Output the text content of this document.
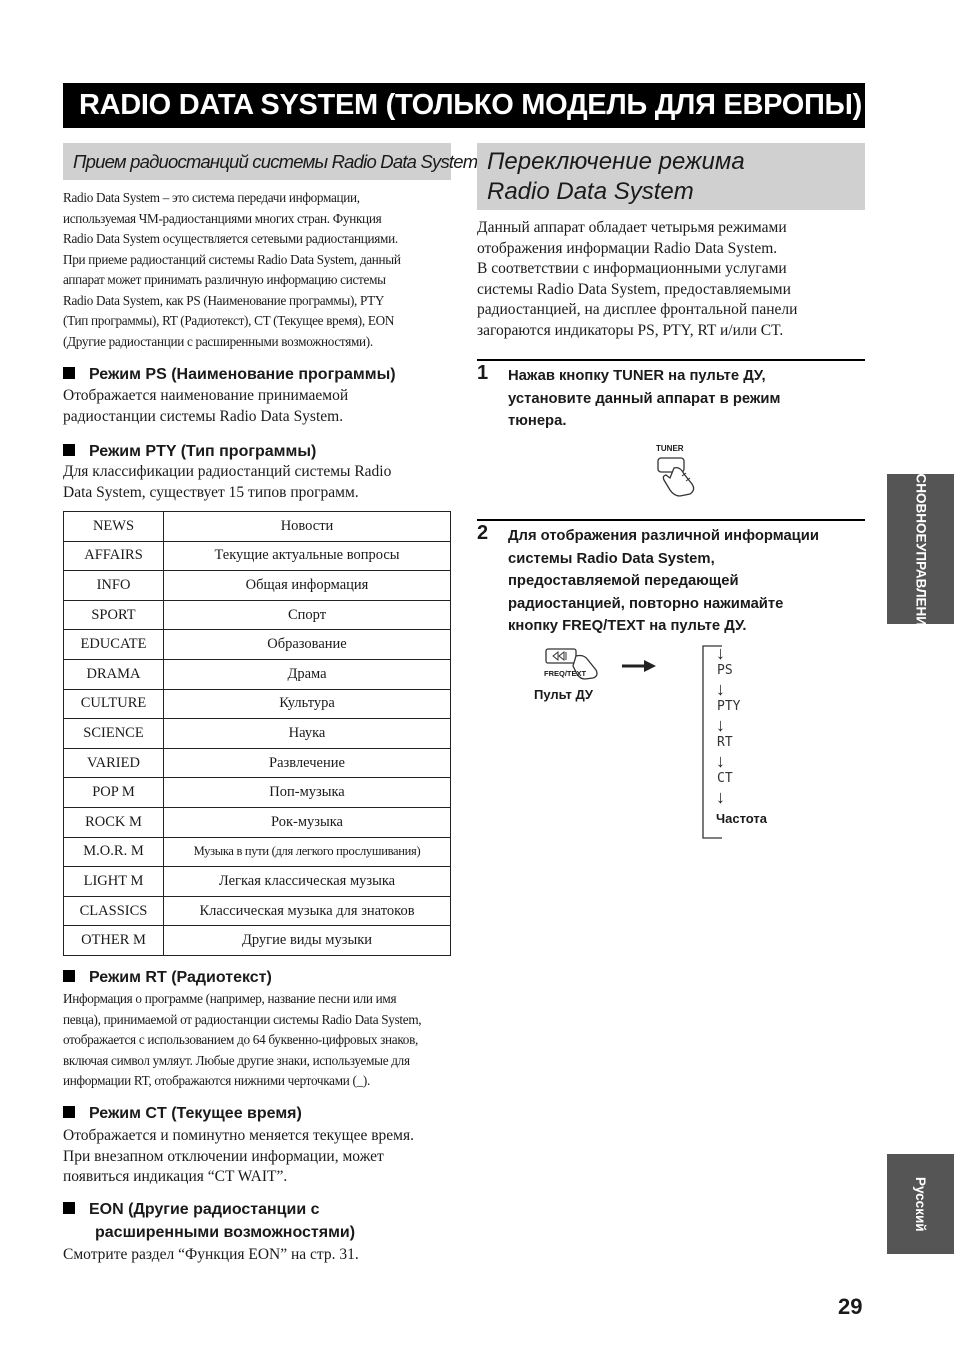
RADIO DATA SYSTEM (ТОЛЬКО МОДЕЛЬ ДЛЯ ЕВРОПЫ)
Прием радиостанций системы Radio Data System
Radio Data System – это система передачи информации,
используемая ЧМ-радиостанциями многих стран. Функция
Radio Data System осуществляется сетевыми радиостанциями.
При приеме радиостанций системы Radio Data System, данный
аппарат может принимать различную информацию системы
Radio Data System, как PS (Наименование программы), PTY
(Тип программы), RT (Радиотекст), CT (Текущее время), EON
(Другие радиостанции с расширенными возможностями).
Режим PS (Наименование программы)
Отображается наименование принимаемой
радиостанции системы Radio Data System.
Режим PTY (Тип программы)
Для классификации радиостанций системы Radio
Data System, существует 15 типов программ.
NEWS	Новости
AFFAIRS	Текущие актуальные вопросы
INFO	Общая информация
SPORT	Спорт
EDUCATE	Образование
DRAMA	Драма
CULTURE	Культура
SCIENCE	Наука
VARIED	Развлечение
POP M	Поп-музыка
ROCK M	Рок-музыка
M.O.R. M	Музыка в пути (для легкого прослушивания)
LIGHT M	Легкая классическая музыка
CLASSICS	Классическая музыка для знатоков
OTHER M	Другие виды музыки
Режим RT (Радиотекст)
Информация о программе (например, название песни или имя
певца), принимаемой от радиостанции системы Radio Data System,
отображается с использованием до 64 буквенно-цифровых знаков,
включая символ умляут. Любые другие знаки, используемые для
информации RT, отображаются нижними черточками (_).
Режим CT (Текущее время)
Отображается и поминутно меняется текущее время.
При внезапном отключении информации, может
появиться индикация “CT WAIT”.
EON (Другие радиостанции с
расширенными возможностями)
Смотрите раздел “Функция EON” на стр. 31.
Переключение режима
Radio Data System
Данный аппарат обладает четырьмя режимами
отображения информации Radio Data System.
В соответствии с информационными услугами
системы Radio Data System, предоставляемыми
радиостанцией, на дисплее фронтальной панели
загораются индикаторы PS, PTY, RT и/или CT.
1 Нажав кнопку TUNER на пульте ДУ,
установите данный аппарат в режим
тюнера.
TUNER
2 Для отображения различной информации
системы Radio Data System,
предоставляемой передающей
радиостанцией, повторно нажимайте
кнопку FREQ/TEXT на пульте ДУ.
FREQ/TEXT
Пульт ДУ
↓
PS
↓
PTY
↓
RT
↓
CT
↓
Частота
ОСНОВНОЕ
УПРАВЛЕНИЕ
Русский
29
